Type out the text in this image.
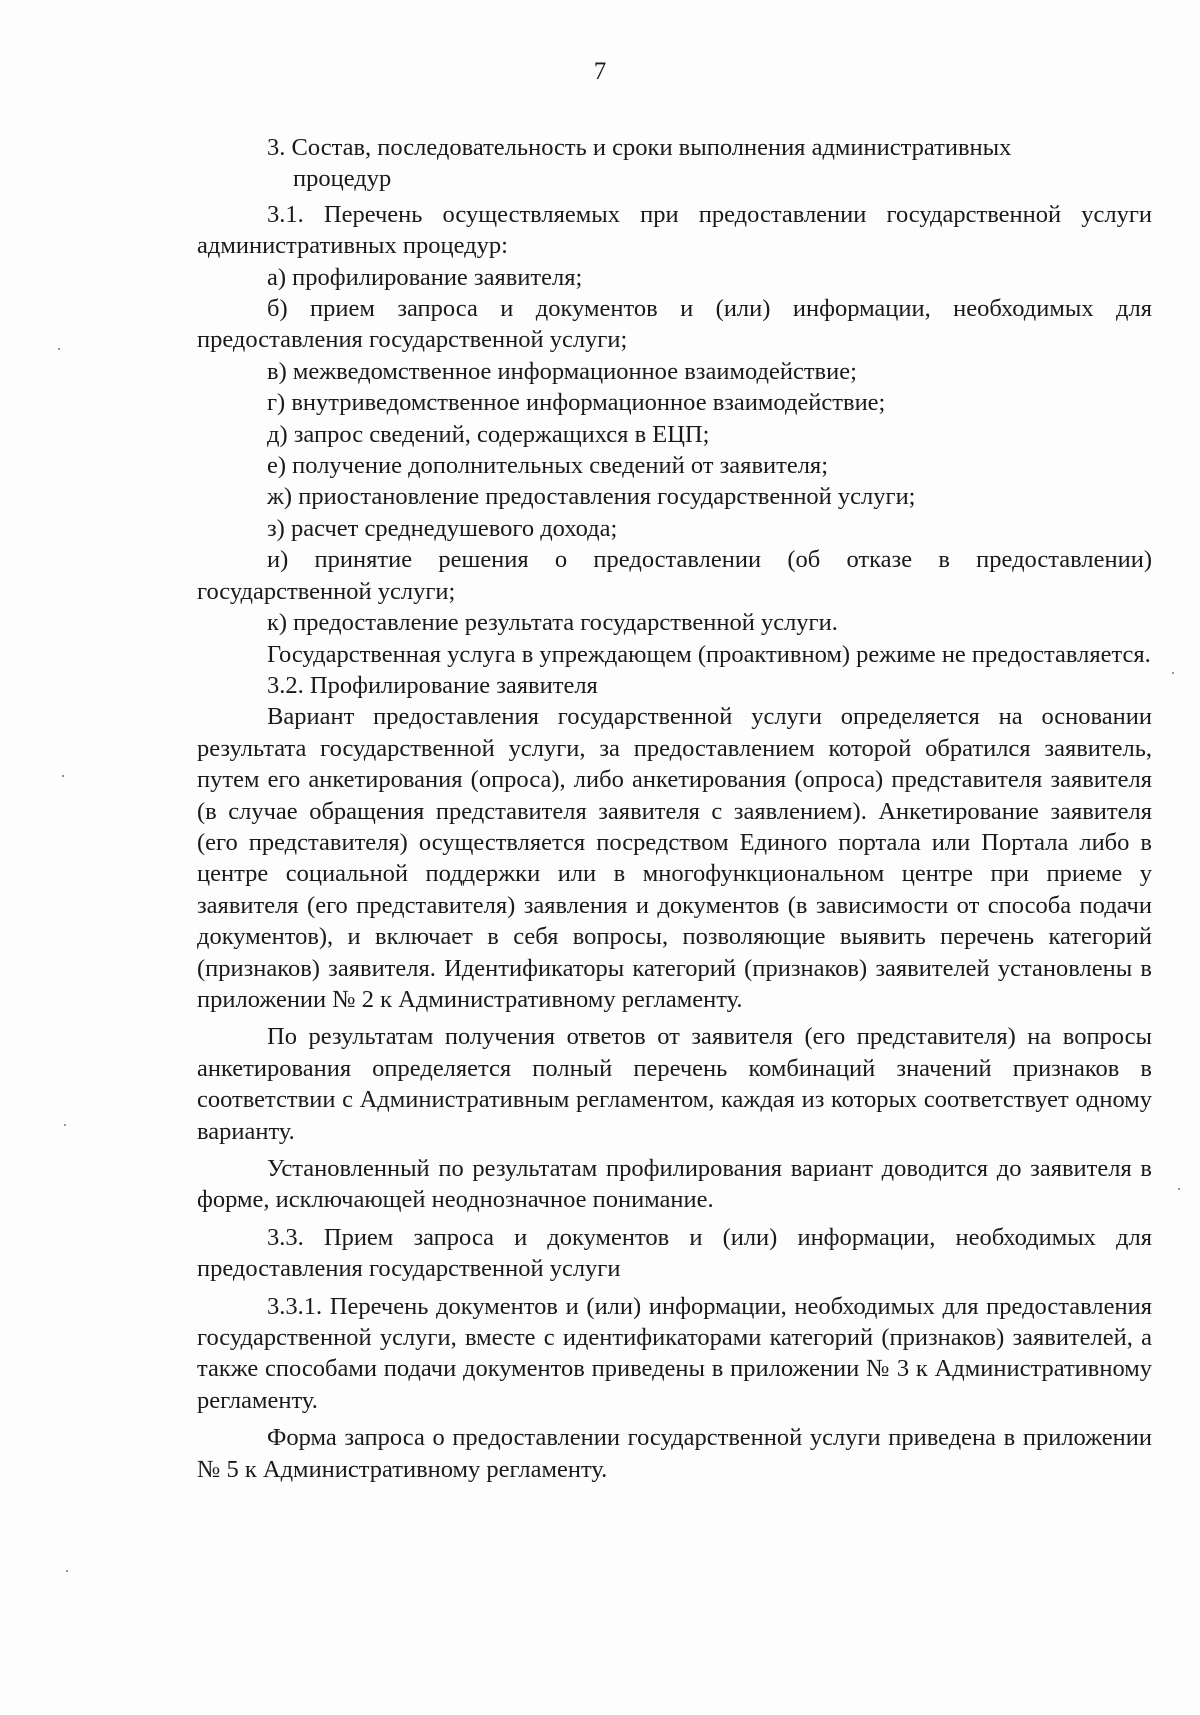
7

3. Состав, последовательность и сроки выполнения административных
процедур

3.1. Перечень осуществляемых при предоставлении государственной услуги административных процедур:

а) профилирование заявителя;

б) прием запроса и документов и (или) информации, необходимых для предоставления государственной услуги;

в) межведомственное информационное взаимодействие;

г) внутриведомственное информационное взаимодействие;

д) запрос сведений, содержащихся в ЕЦП;

е) получение дополнительных сведений от заявителя;

ж) приостановление предоставления государственной услуги;

з) расчет среднедушевого дохода;

и) принятие решения о предоставлении (об отказе в предоставлении) государственной услуги;

к) предоставление результата государственной услуги.

Государственная услуга в упреждающем (проактивном) режиме не предоставляется.

3.2. Профилирование заявителя

Вариант предоставления государственной услуги определяется на основании результата государственной услуги, за предоставлением которой обратился заявитель, путем его анкетирования (опроса), либо анкетирования (опроса) представителя заявителя (в случае обращения представителя заявителя с заявлением). Анкетирование заявителя (его представителя) осуществляется посредством Единого портала или Портала либо в центре социальной поддержки или в многофункциональном центре при приеме у заявителя (его представителя) заявления и документов (в зависимости от способа подачи документов), и включает в себя вопросы, позволяющие выявить перечень категорий (признаков) заявителя. Идентификаторы категорий (признаков) заявителей установлены в приложении № 2 к Административному регламенту.

По результатам получения ответов от заявителя (его представителя) на вопросы анкетирования определяется полный перечень комбинаций значений признаков в соответствии с Административным регламентом, каждая из которых соответствует одному варианту.

Установленный по результатам профилирования вариант доводится до заявителя в форме, исключающей неоднозначное понимание.

3.3. Прием запроса и документов и (или) информации, необходимых для предоставления государственной услуги

3.3.1. Перечень документов и (или) информации, необходимых для предоставления государственной услуги, вместе с идентификаторами категорий (признаков) заявителей, а также способами подачи документов приведены в приложении № 3 к Административному регламенту.

Форма запроса о предоставлении государственной услуги приведена в приложении № 5 к Административному регламенту.
